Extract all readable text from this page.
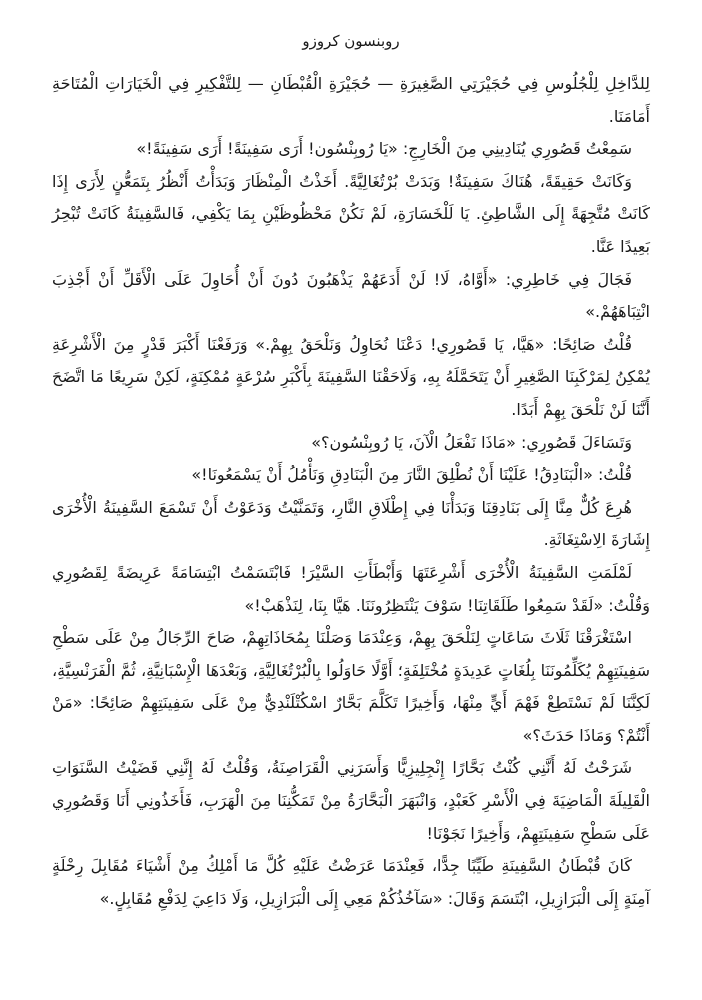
روبنسون كروزو

لِلدَّاخِلِ لِلْجُلُوسِ فِي حُجَيْرَتِي الصَّغِيرَةِ — حُجَيْرَةِ الْقُبْطَانِ — لِلتَّفْكِيرِ فِي الْخَيَارَاتِ الْمُتَاحَةِ أَمَامَنَا.

سَمِعْتُ قَصُورِي يُنَادِينِي مِنَ الْخَارِجِ: «يَا رُوبِنْسُون! أَرَى سَفِينَةً! أَرَى سَفِينَةً!»

وَكَانَتْ حَقِيقَةً، هُنَاكَ سَفِينَةٌ! وَبَدَتْ بُرْتُغَالِيَّةً. أَخَذْتُ الْمِنْظَارَ وَبَدَأْتُ أَنْظُرُ بِتَمَعُّنٍ لِأَرَى إِذَا كَانَتْ مُتَّجِهَةً إِلَى الشَّاطِئِ. يَا لَلْخَسَارَةِ، لَمْ نَكُنْ مَحْظُوظَيْنِ بِمَا يَكْفِي، فَالسَّفِينَةُ كَانَتْ تُبْحِرُ بَعِيدًا عَنَّا.

فَجَالَ فِي خَاطِرِي: «أَوَّاهُ، لَا! لَنْ أَدَعَهُمْ يَذْهَبُونَ دُونَ أَنْ أُحَاوِلَ عَلَى الْأَقَلِّ أَنْ أَجْذِبَ انْتِبَاهَهُمْ.»

قُلْتُ صَائِحًا: «هَيَّا، يَا قَصُورِي! دَعْنَا نُحَاوِلُ وَنَلْحَقُ بِهِمْ.» وَرَفَعْنَا أَكْبَرَ قَدْرٍ مِنَ الْأَشْرِعَةِ يُمْكِنُ لِمَرْكَبِنَا الصَّغِيرِ أَنْ يَتَحَمَّلَهُ بِهِ، وَلَاحَقْنَا السَّفِينَةَ بِأَكْبَرِ سُرْعَةٍ مُمْكِنَةٍ، لَكِنْ سَرِيعًا مَا اتَّضَحَ أَنَّنَا لَنْ نَلْحَقَ بِهِمْ أَبَدًا.

وَتَسَاءَلَ قَصُورِي: «مَاذَا نَفْعَلُ الْآنَ، يَا رُوبِنْسُون؟»

قُلْتُ: «الْبَنَادِقُ! عَلَيْنَا أَنْ نُطْلِقَ النَّارَ مِنَ الْبَنَادِقِ وَنَأْمُلُ أَنْ يَسْمَعُونَا!»

هُرِعَ كُلٌّ مِنَّا إِلَى بَنَادِقِنَا وَبَدَأْنَا فِي إِطْلَاقِ النَّارِ، وَتَمَنَّيْتُ وَدَعَوْتُ أَنْ تَسْمَعَ السَّفِينَةُ الْأُخْرَى إِشَارَةَ الِاسْتِغَاثَةِ.

لَمْلَمَتِ السَّفِينَةُ الْأُخْرَى أَشْرِعَتَهَا وَأَبْطَأَتِ السَّيْرَ! فَابْتَسَمْتُ ابْتِسَامَةً عَرِيضَةً لِقَصُورِي وَقُلْتُ: «لَقَدْ سَمِعُوا طَلَقَاتِنَا! سَوْفَ يَنْتَظِرُونَنَا. هَيَّا بِنَا، لِنَذْهَبْ!»

اسْتَغْرَقْنَا ثَلَاثَ سَاعَاتٍ لِنَلْحَقَ بِهِمْ، وَعِنْدَمَا وَصَلْنَا بِمُحَاذَاتِهِمْ، صَاحَ الرِّجَالُ مِنْ عَلَى سَطْحِ سَفِينَتِهِمْ يُكَلِّمُونَنَا بِلُغَاتٍ عَدِيدَةٍ مُخْتَلِفَةٍ؛ أَوَّلًا حَاوَلُوا بِالْبُرْتُغَالِيَّةِ، وَبَعْدَهَا الْإِسْبَانِيَّةِ، ثُمَّ الْفَرَنْسِيَّةِ، لَكِنَّنَا لَمْ نَسْتَطِعْ فَهْمَ أَيٍّ مِنْهَا، وَأَخِيرًا تَكَلَّمَ بَحَّارٌ اسْكُتْلَنْدِيٌّ مِنْ عَلَى سَفِينَتِهِمْ صَائِحًا: «مَنْ أَنْتُمْ؟ وَمَاذَا حَدَثَ؟»

شَرَحْتُ لَهُ أَنَّنِي كُنْتُ بَحَّارًا إِنْجِلِيزِيًّا وَأَسَرَنِي الْقَرَاصِنَةُ، وَقُلْتُ لَهُ إِنَّنِي قَضَيْتُ السَّنَوَاتِ الْقَلِيلَةَ الْمَاضِيَةَ فِي الْأَسْرِ كَعَبْدٍ، وَانْبَهَرَ الْبَحَّارَةُ مِنْ تَمَكُّنِنَا مِنَ الْهَرَبِ، فَأَخَذُونِي أَنَا وَقَصُورِي عَلَى سَطْحِ سَفِينَتِهِمْ، وَأَخِيرًا نَجَوْنَا!

كَانَ قُبْطَانُ السَّفِينَةِ طَيِّبًا جِدًّا، فَعِنْدَمَا عَرَضْتُ عَلَيْهِ كُلَّ مَا أَمْلِكُ مِنْ أَشْيَاءَ مُقَابِلَ رِحْلَةٍ آمِنَةٍ إِلَى الْبَرَازِيلِ، ابْتَسَمَ وَقَالَ: «سَآخُذُكُمْ مَعِي إِلَى الْبَرَازِيلِ، وَلَا دَاعِيَ لِدَفْعِ مُقَابِلٍ.»
